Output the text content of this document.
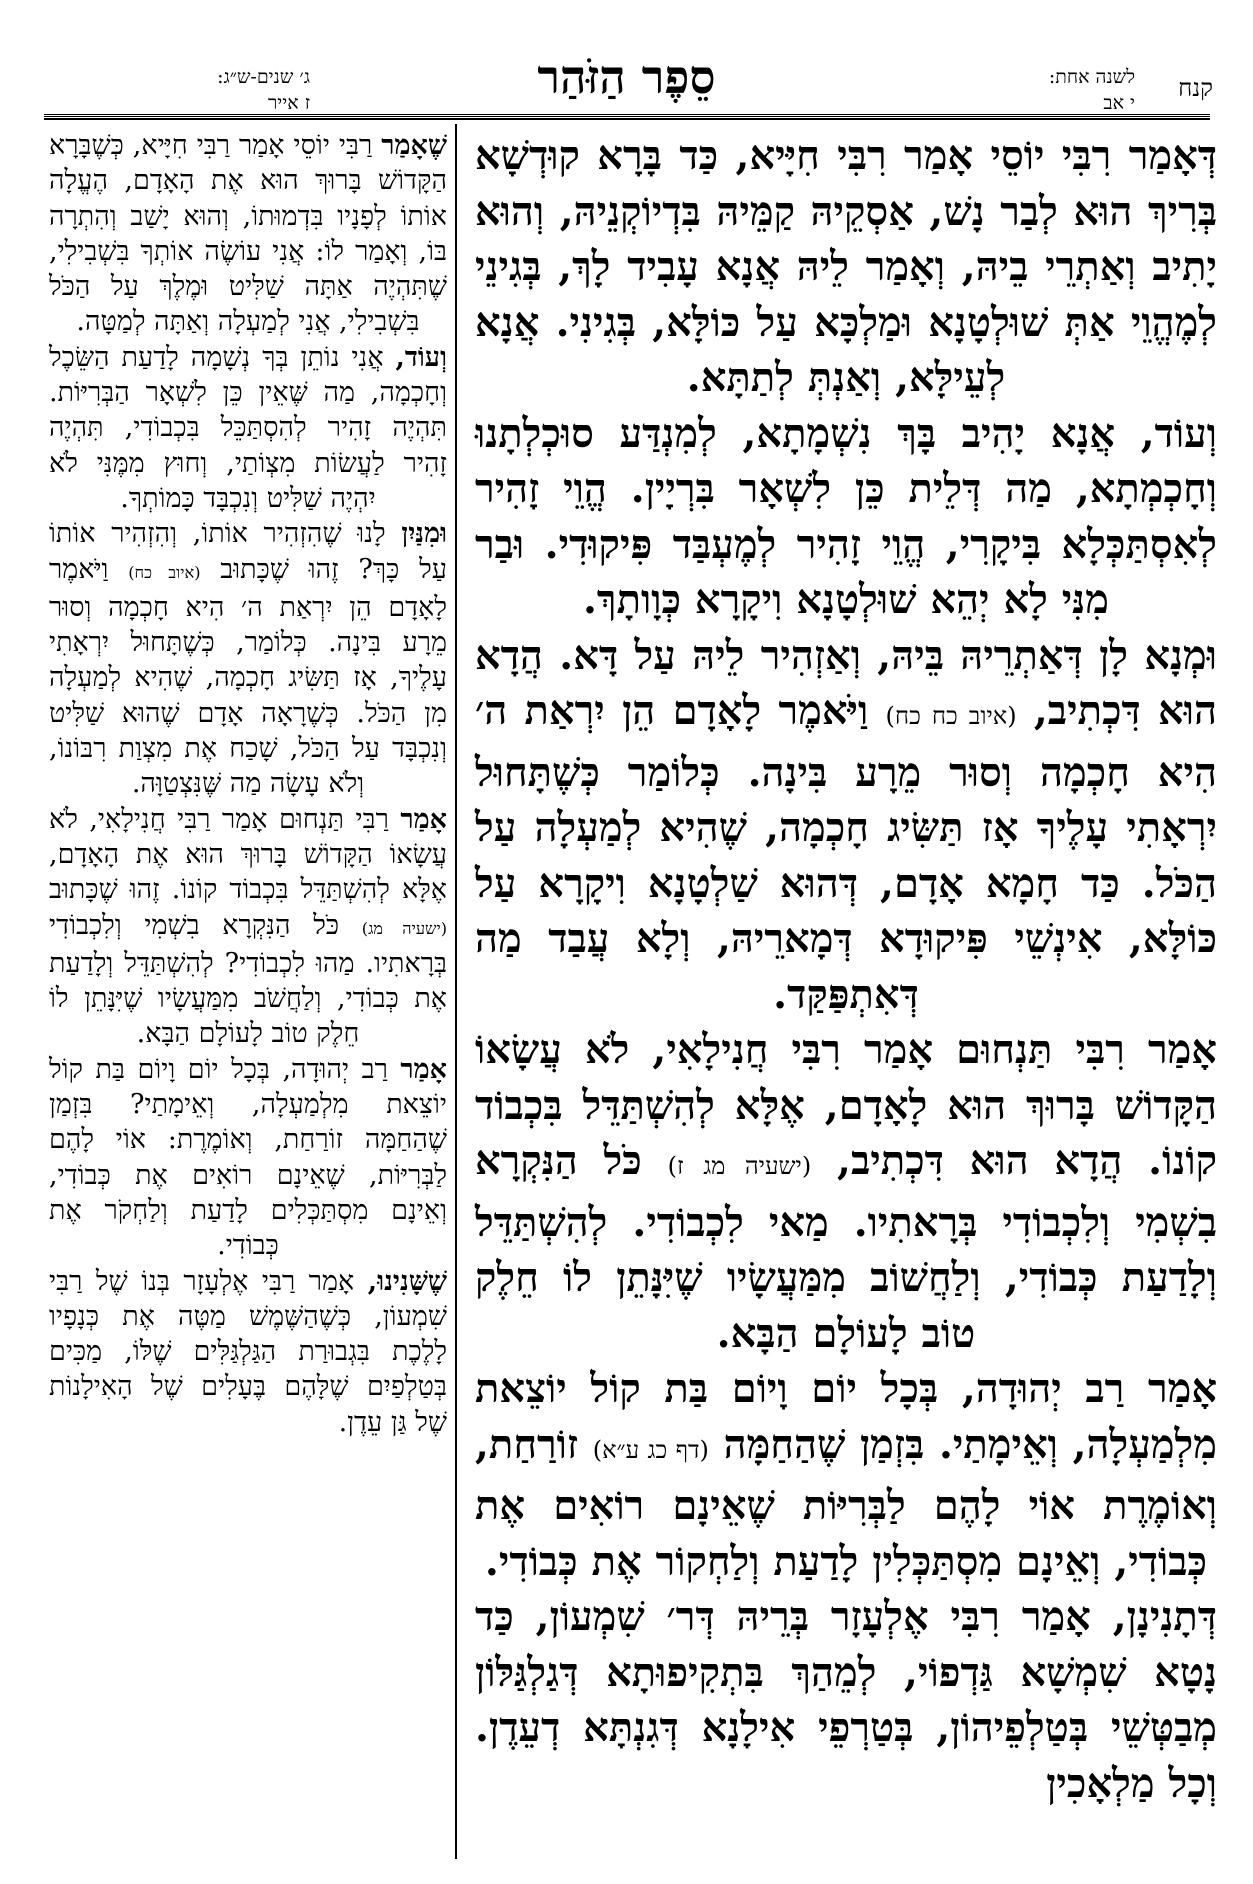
קנח
לשנה אחת:
י אב
סֵפֶר הַזֹּהַר
ג׳ שנים-ש״ג:
ז אייר

דְּאָמַר רִבִּי יוֹסֵי אָמַר רִבִּי חִיָּיא, כַּד בָּרָא קוּדְשָׁא בְּרִיךְ הוּא לְבַר נָשׁ, אַסְקֵיהּ קַמֵּיהּ בִּדְיוֹקְנֵיהּ, וְהוּא יָתִיב וְאַתְרֵי בֵיהּ, וְאָמַר לֵיהּ אֲנָא עָבִיד לָךְ, בְּגִינֵי לְמֶהֱוֵי אַתְּ שׁוּלְטָנָא וּמַלְכָּא עַל כּוֹלָּא, בְּגִינִי. אֲנָא לְעֵילָּא, וְאַנְתְּ לְתַתָּא.

וְעוֹד, אֲנָא יָהִיב בָּךְ נִשְׁמָתָא, לְמִנְדַּע סוּכְלְתָנוּ וְחָכְמְתָא, מַה דְּלֵית כֵּן לִשְׁאָר בִּרְיָין. הֱוֵי זָהִיר לְאִסְתַּכְּלָא בִּיקָרִי, הֱוֵי זָהִיר לְמֶעְבַּד פִּיקוּדִי. וּבַר מִנִּי לָא יְהֵא שׁוּלְטָנָא וִיקָרָא כְּוָותָךְ.

וּמְנָא לָן דְּאַתְרֵיהּ בֵּיהּ, וְאַזְהִיר לֵיהּ עַל דָּא. הֲדָא הוּא דִּכְתִיב, (איוב כח כח) וַיֹּאמֶר לָאָדָם הֵן יִרְאַת ה׳ הִיא חָכְמָה וְסוּר מֵרָע בִּינָה. כְּלוֹמַר כְּשֶׁתָּחוּל יִרְאָתִי עָלֶיךָ אָז תַּשִּׂיג חָכְמָה, שֶׁהִיא לְמַעְלָה עַל הַכֹּל. כַּד חָמָא אָדָם, דְּהוּא שַׁלְטָנָא וִיקָרָא עַל כּוֹלָּא, אִינְשֵׁי פִּיקוּדָא דְּמָארֵיהּ, וְלָא עֲבַד מַה דְּאִתְפַּקַּד.

אָמַר רִבִּי תַּנְחוּם אָמַר רִבִּי חֲנִילָאִי, לֹא עֲשָׂאוֹ הַקָּדוֹשׁ בָּרוּךְ הוּא לָאָדָם, אֶלָּא לְהִשְׁתַּדֵּל בִּכְבוֹד קוֹנוֹ. הֲדָא הוּא דִּכְתִיב, (ישעיה מג ז) כֹּל הַנִּקְרָא בִשְׁמִי וְלִכְבוֹדִי בְּרָאתִיו. מַאי לִכְבוֹדִי. לְהִשְׁתַּדֵּל וְלָדַעַת כְּבוֹדִי, וְלַחֲשׁוֹב מִמַּעֲשָׂיו שֶׁיִּנָּתֵן לוֹ חֵלֶק טוֹב לָעוֹלָם הַבָּא.

אָמַר רַב יְהוּדָה, בְּכָל יוֹם וָיוֹם בַּת קוֹל יוֹצֵאת מִלְמַעְלָה, וְאֵימָתַי. בִּזְמַן שֶׁהַחַמָּה (דף כג ע״א) זוֹרַחַת, וְאוֹמֶרֶת אוֹי לָהֶם לַבְּרִיּוֹת שֶׁאֵינָם רוֹאִים אֶת כְּבוֹדִי, וְאֵינָם מִסְתַּכְּלִין לָדַעַת וְלַחְקוֹר אֶת כְּבוֹדִי.

דְּתָנִינָן, אָמַר רִבִּי אֶלְעָזָר בְּרֵיהּ דְּר׳ שִׁמְעוֹן, כַּד נָטָא שִׁמְשָׁא גַּדְפוֹי, לְמֵהַךְ בִּתְקִיפוּתָא דְּגַלְגַּלּוֹן מְבַטְּשֵׁי בְּטַלְפֵיהוֹן, בְּטַרְפֵי אִילָנָא דְּגִנְתָּא דְעֵדֶן. וְכָל מַלְאָכִין

שֶׁאָמַר רַבִּי יוֹסֵי אָמַר רַבִּי חִיָּיא, כְּשֶׁבָּרָא הַקָּדוֹשׁ בָּרוּךְ הוּא אֶת הָאָדָם, הֶעֱלָה אוֹתוֹ לְפָנָיו בִּדְמוּתוֹ, וְהוּא יָשַׁב וְהִתְרָה בּוֹ, וְאָמַר לוֹ: אֲנִי עוֹשֶׂה אוֹתְךָ בִּשְׁבִילִי, שֶׁתִּהְיֶה אַתָּה שַׁלִּיט וּמֶלֶךְ עַל הַכֹּל בִּשְׁבִילִי, אֲנִי לְמַעְלָה וְאַתָּה לְמַטָּה.

וְעוֹד, אֲנִי נוֹתֵן בְּךָ נְשָׁמָה לָדַעַת הַשֵּׂכֶל וְחָכְמָה, מַה שֶּׁאֵין כֵּן לִשְׁאָר הַבְּרִיּוֹת. תִּהְיֶה זָהִיר לְהִסְתַּכֵּל בִּכְבוֹדִי, תִּהְיֶה זָהִיר לַעֲשׂוֹת מִצְוֹתַי, וְחוּץ מִמֶּנִּי לֹא יִהְיֶה שַׁלִּיט וְנִכְבָּד כָּמוֹתְךָ.

וּמִנַּיִן לָנוּ שֶׁהִזְהִיר אוֹתוֹ, וְהִזְהִיר אוֹתוֹ עַל כָּךְ? זֶהוּ שֶׁכָּתוּב (איוב כח) וַיֹּאמֶר לָאָדָם הֵן יִרְאַת ה׳ הִיא חָכְמָה וְסוּר מֵרָע בִּינָה. כְּלוֹמַר, כְּשֶׁתָּחוּל יִרְאָתִי עָלֶיךָ, אָז תַּשִּׂיג חָכְמָה, שֶׁהִיא לְמַעְלָה מִן הַכֹּל. כְּשֶׁרָאָה אָדָם שֶׁהוּא שַׁלִּיט וְנִכְבָּד עַל הַכֹּל, שָׁכַח אֶת מִצְוַת רִבּוֹנוֹ, וְלֹא עָשָׂה מַה שֶּׁנִּצְטַוָּה.

אָמַר רַבִּי תַּנְחוּם אָמַר רַבִּי חֲנִילָאִי, לֹא עֲשָׂאוֹ הַקָּדוֹשׁ בָּרוּךְ הוּא אֶת הָאָדָם, אֶלָּא לְהִשְׁתַּדֵּל בִּכְבוֹד קוֹנוֹ. זֶהוּ שֶׁכָּתוּב (ישעיה מג) כֹּל הַנִּקְרָא בִשְׁמִי וְלִכְבוֹדִי בְּרָאתִיו. מַהוּ לִכְבוֹדִי? לְהִשְׁתַּדֵּל וְלָדַעַת אֶת כְּבוֹדִי, וְלַחֲשֹׁב מִמַּעֲשָׂיו שֶׁיִּנָּתֵן לוֹ חֵלֶק טוֹב לָעוֹלָם הַבָּא.

אָמַר רַב יְהוּדָה, בְּכָל יוֹם וָיוֹם בַּת קוֹל יוֹצֵאת מִלְמַעְלָה, וְאֵימָתַי? בִּזְמַן שֶׁהַחַמָּה זוֹרַחַת, וְאוֹמֶרֶת: אוֹי לָהֶם לַבְּרִיּוֹת, שֶׁאֵינָם רוֹאִים אֶת כְּבוֹדִי, וְאֵינָם מִסְתַּכְּלִים לָדַעַת וְלַחְקֹר אֶת כְּבוֹדִי.

שֶׁשָּׁנִינוּ, אָמַר רַבִּי אֶלְעָזָר בְּנוֹ שֶׁל רַבִּי שִׁמְעוֹן, כְּשֶׁהַשֶּׁמֶשׁ מַטֶּה אֶת כְּנָפָיו לָלֶכֶת בִּגְבוּרַת הַגַּלְגַּלִּים שֶׁלּוֹ, מַכִּים בְּטַלְפַיִם שֶׁלָּהֶם בֶּעָלִים שֶׁל הָאִילָנוֹת שֶׁל גַּן עֵדֶן.
